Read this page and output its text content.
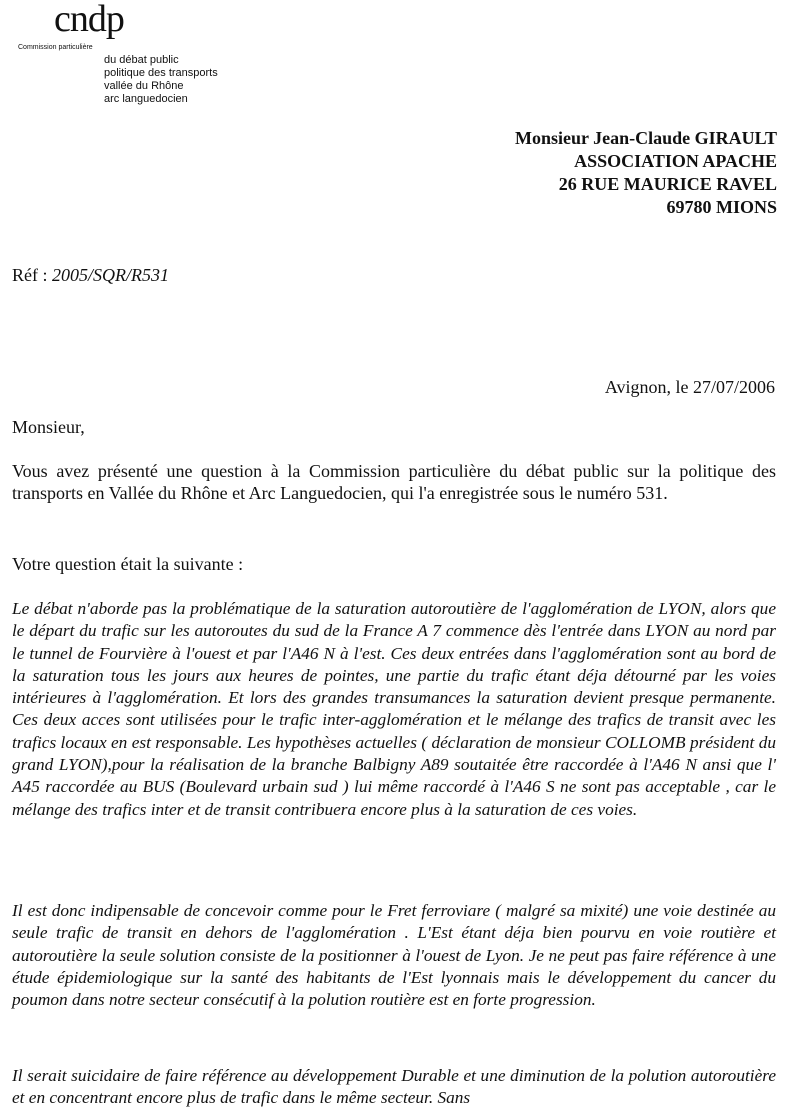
cndp
Commission particulière
du débat public
politique des transports
vallée du Rhône
arc languedocien
Monsieur Jean-Claude GIRAULT
ASSOCIATION APACHE
26 RUE MAURICE RAVEL
69780 MIONS
Réf : 2005/SQR/R531
Avignon, le 27/07/2006
Monsieur,
Vous avez présenté une question à la Commission particulière du débat public sur la politique des transports en Vallée du Rhône et Arc Languedocien, qui l'a enregistrée sous le numéro 531.
Votre question était la suivante :
Le débat n'aborde pas la problématique de la saturation autoroutière de l'agglomération de LYON, alors que le départ du trafic sur les autoroutes du sud de la France A 7 commence dès l'entrée dans LYON au nord par le tunnel de Fourvière à l'ouest et par l'A46 N à l'est. Ces deux entrées dans l'agglomération sont au bord de la saturation tous les jours aux heures de pointes, une partie du trafic étant déja détourné par les voies intérieures à l'agglomération. Et lors des grandes transumances la saturation devient presque permanente. Ces deux acces sont utilisées pour le trafic inter-agglomération et le mélange des trafics de transit avec les trafics locaux en est responsable. Les hypothèses actuelles ( déclaration de monsieur COLLOMB président du grand LYON),pour la réalisation de la branche Balbigny A89 soutaitée être raccordée à l'A46 N ansi que l' A45 raccordée au BUS (Boulevard urbain sud ) lui même raccordé à l'A46 S ne sont pas acceptable , car le mélange des trafics inter et de transit contribuera encore plus à la saturation de ces voies.
Il est donc indipensable de concevoir comme pour le Fret ferroviare ( malgré sa mixité) une voie destinée au seule trafic de transit en dehors de l'agglomération . L'Est étant déja bien pourvu en voie routière et autoroutière la seule solution consiste de la positionner à l'ouest de Lyon. Je ne peut pas faire référence à une étude épidemiologique sur la santé des habitants de l'Est lyonnais mais le développement du cancer du poumon dans notre secteur consécutif à la polution routière est en forte progression.
Il serait suicidaire de faire référence au développement Durable et une diminution de la polution autoroutière et en concentrant encore plus de trafic dans le même secteur. Sans
